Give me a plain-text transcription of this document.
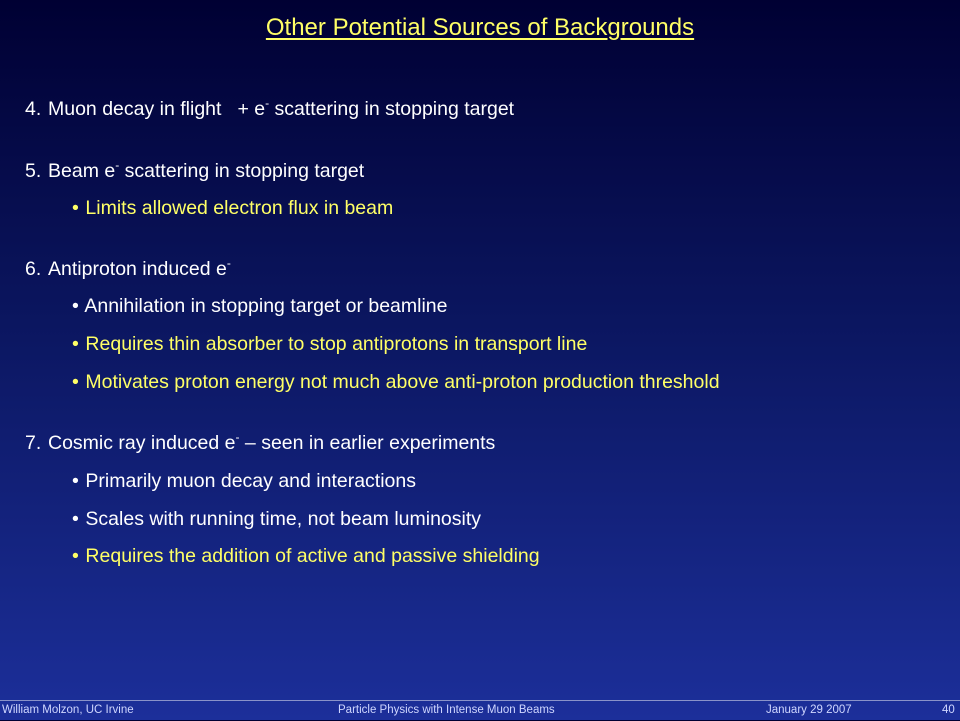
Other Potential Sources of Backgrounds
4. Muon decay in flight + e- scattering in stopping target
5. Beam e- scattering in stopping target
• Limits allowed electron flux in beam
6. Antiproton induced e-
• Annihilation in stopping target or beamline
• Requires thin absorber to stop antiprotons in transport line
• Motivates proton energy not much above anti-proton production threshold
7. Cosmic ray induced e- – seen in earlier experiments
• Primarily muon decay and interactions
• Scales with running time, not beam luminosity
• Requires the addition of active and passive shielding
William Molzon, UC Irvine	Particle Physics with Intense Muon Beams	January 29 2007	40
